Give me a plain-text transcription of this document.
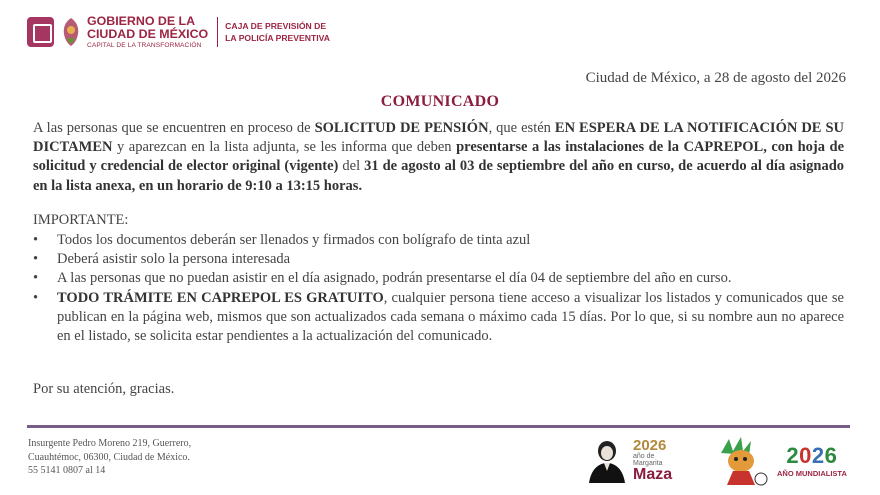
GOBIERNO DE LA
CIUDAD DE MÉXICO
CAPITAL DE LA TRANSFORMACIÓN
CAJA DE PREVISIÓN DE
LA POLICÍA PREVENTIVA
Ciudad de México, a 28 de agosto del 2026
COMUNICADO

A las personas que se encuentren en proceso de SOLICITUD DE PENSIÓN, que estén EN ESPERA DE LA NOTIFICACIÓN DE SU DICTAMEN y aparezcan en la lista adjunta, se les informa que deben presentarse a las instalaciones de la CAPREPOL, con hoja de solicitud y credencial de elector original (vigente) del 31 de agosto al 03 de septiembre del año en curso, de acuerdo al día asignado en la lista anexa, en un horario de 9:10 a 13:15 horas.

IMPORTANTE:
• Todos los documentos deberán ser llenados y firmados con bolígrafo de tinta azul
• Deberá asistir solo la persona interesada
• A las personas que no puedan asistir en el día asignado, podrán presentarse el día 04 de septiembre del año en curso.
• TODO TRÁMITE EN CAPREPOL ES GRATUITO, cualquier persona tiene acceso a visualizar los listados y comunicados que se publican en la página web, mismos que son actualizados cada semana o máximo cada 15 días. Por lo que, si su nombre aun no aparece en el listado, se solicita estar pendientes a la actualización del comunicado.
Por su atención, gracias.
Insurgente Pedro Moreno 219, Guerrero,
Cuauhtémoc, 06300, Ciudad de México.
55 5141 0807 al 14
2026
año de
Margarita
Maza
2026
AÑO MUNDIALISTA
